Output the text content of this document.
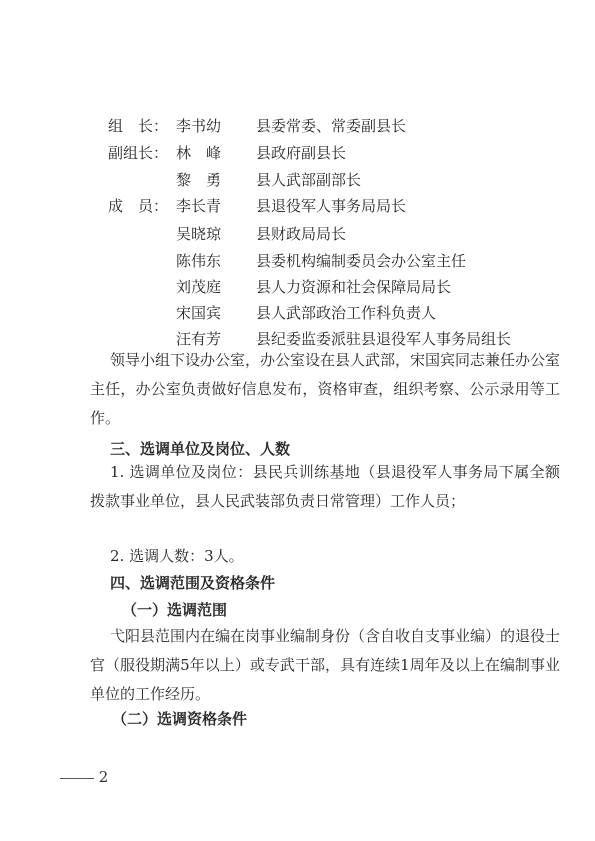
组　长： 李书幼	县委常委、常委副县长
副组长： 林　峰	县政府副县长
黎　勇	县人武部副部长
成　员： 李长青	县退役军人事务局局长
吴晓琼	县财政局局长
陈伟东	县委机构编制委员会办公室主任
刘茂庭	县人力资源和社会保障局局长
宋国宾	县人武部政治工作科负责人
汪有芳	县纪委监委派驻县退役军人事务局组长
领导小组下设办公室，办公室设在县人武部，宋国宾同志兼任办公室主任，办公室负责做好信息发布，资格审查，组织考察、公示录用等工作。
三、选调单位及岗位、人数
1. 选调单位及岗位：县民兵训练基地（县退役军人事务局下属全额拨款事业单位，县人民武装部负责日常管理）工作人员；
2. 选调人数：3人。
四、选调范围及资格条件
（一）选调范围
弋阳县范围内在编在岗事业编制身份（含自收自支事业编）的退役士官（服役期满5年以上）或专武干部，具有连续1周年及以上在编制事业单位的工作经历。
（二）选调资格条件
2
